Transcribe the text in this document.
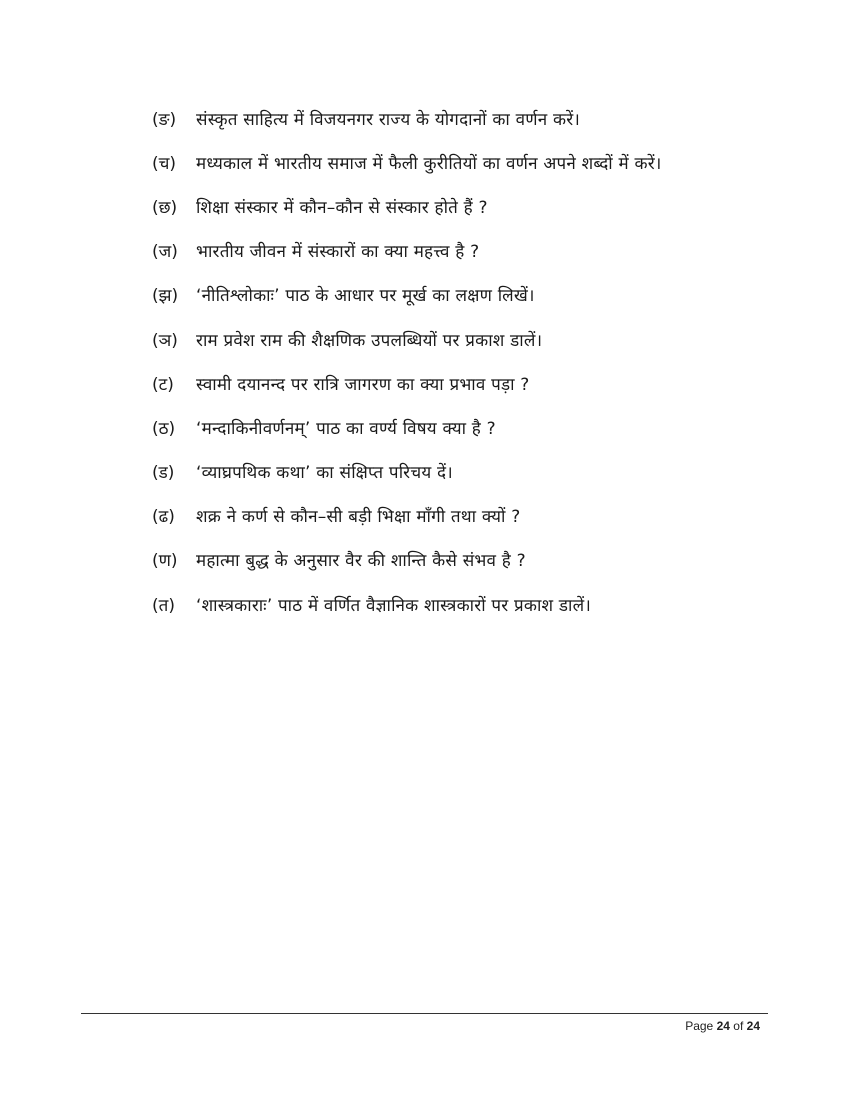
(ङ)	संस्कृत साहित्य में विजयनगर राज्य के योगदानों का वर्णन करें।
(च)	मध्यकाल में भारतीय समाज में फैली कुरीतियों का वर्णन अपने शब्दों में करें।
(छ)	शिक्षा संस्कार में कौन–कौन से संस्कार होते हैं ?
(ज)	भारतीय जीवन में संस्कारों का क्या महत्त्व है ?
(झ)	‘नीतिश्लोकाः’ पाठ के आधार पर मूर्ख का लक्षण लिखें।
(ञ)	राम प्रवेश राम की शैक्षणिक उपलब्धियों पर प्रकाश डालें।
(ट)	स्वामी दयानन्द पर रात्रि जागरण का क्या प्रभाव पड़ा ?
(ठ)	‘मन्दाकिनीवर्णनम्’ पाठ का वर्ण्य विषय क्या है ?
(ड)	‘व्याघ्रपथिक कथा’ का संक्षिप्त परिचय दें।
(ढ)	शक्र ने कर्ण से कौन–सी बड़ी भिक्षा माँगी तथा क्यों ?
(ण)	महात्मा बुद्ध के अनुसार वैर की शान्ति कैसे संभव है ?
(त)	‘शास्त्रकाराः’ पाठ में वर्णित वैज्ञानिक शास्त्रकारों पर प्रकाश डालें।
Page 24 of 24
